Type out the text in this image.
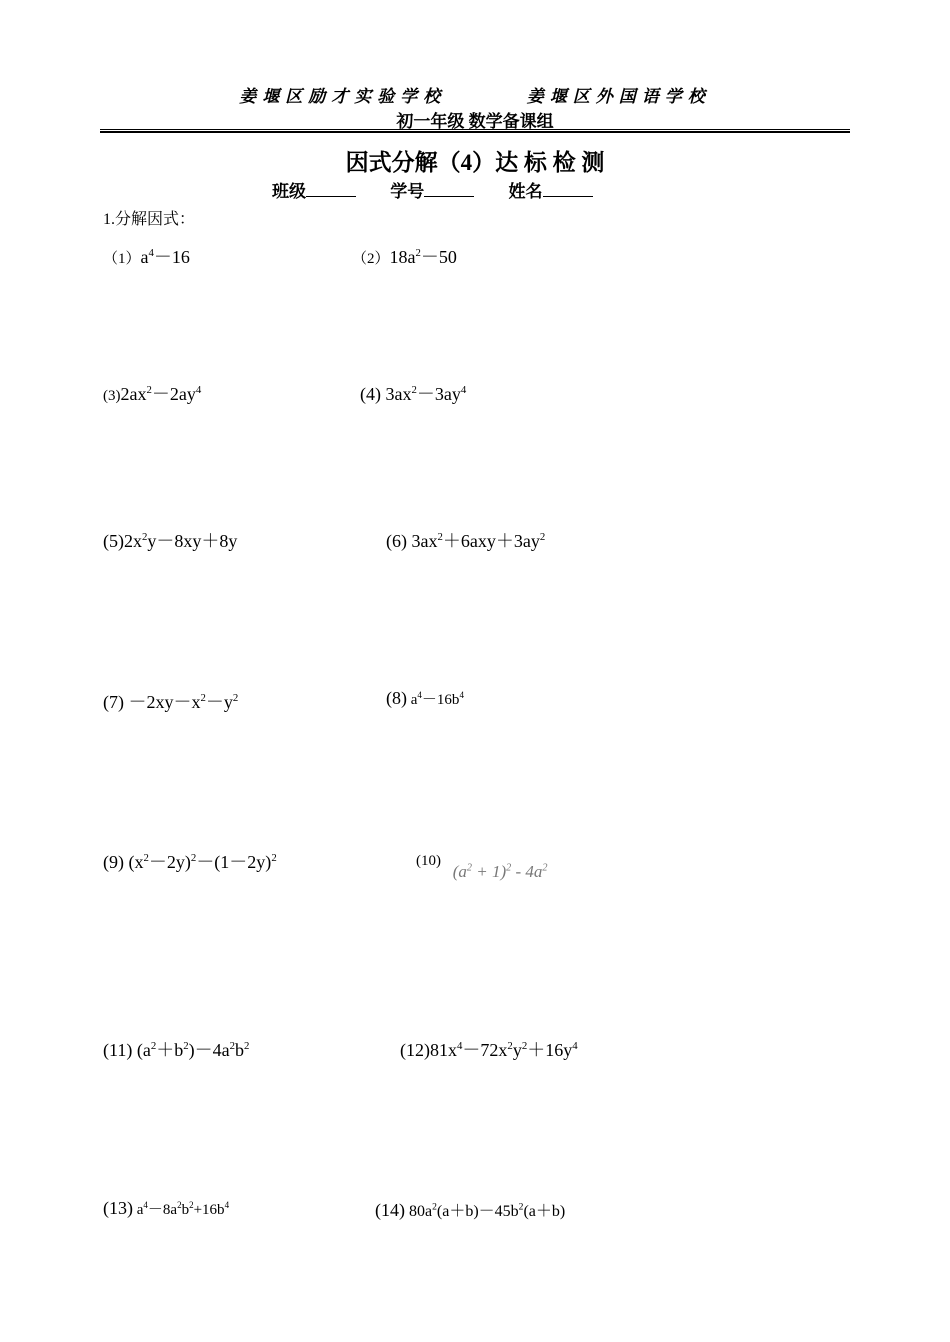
姜堰区励才实验学校	姜堰区外国语学校
初一年级 数学备课组
因式分解（4）达 标 检 测
班级	学号	姓名
1.分解因式：
$(1)a^4-16$	$(2)18a^2-50$
$(3)2ax^2-2ay^4$	(4) $3ax^2-3ay^4$
$(5)2x^2y-8xy+8y$	(6) $3ax^2+6axy+3ay^2$
$(7) -2xy-x^2-y^2$	(8) $a^4-16b^4$
(9) $(x^2-2y)^2-(1-2y)^2$	(10) $(a^2 + 1)^2 - 4a^2$
(11) $(a^2+b^2)-4a^2b^2$	$(12)81x^4-72x^2y^2+16y^4$
(13) $a^4-8a^2b^2+16b^4$	(14) $80a^2(a+b)-45b^2(a+b)$
